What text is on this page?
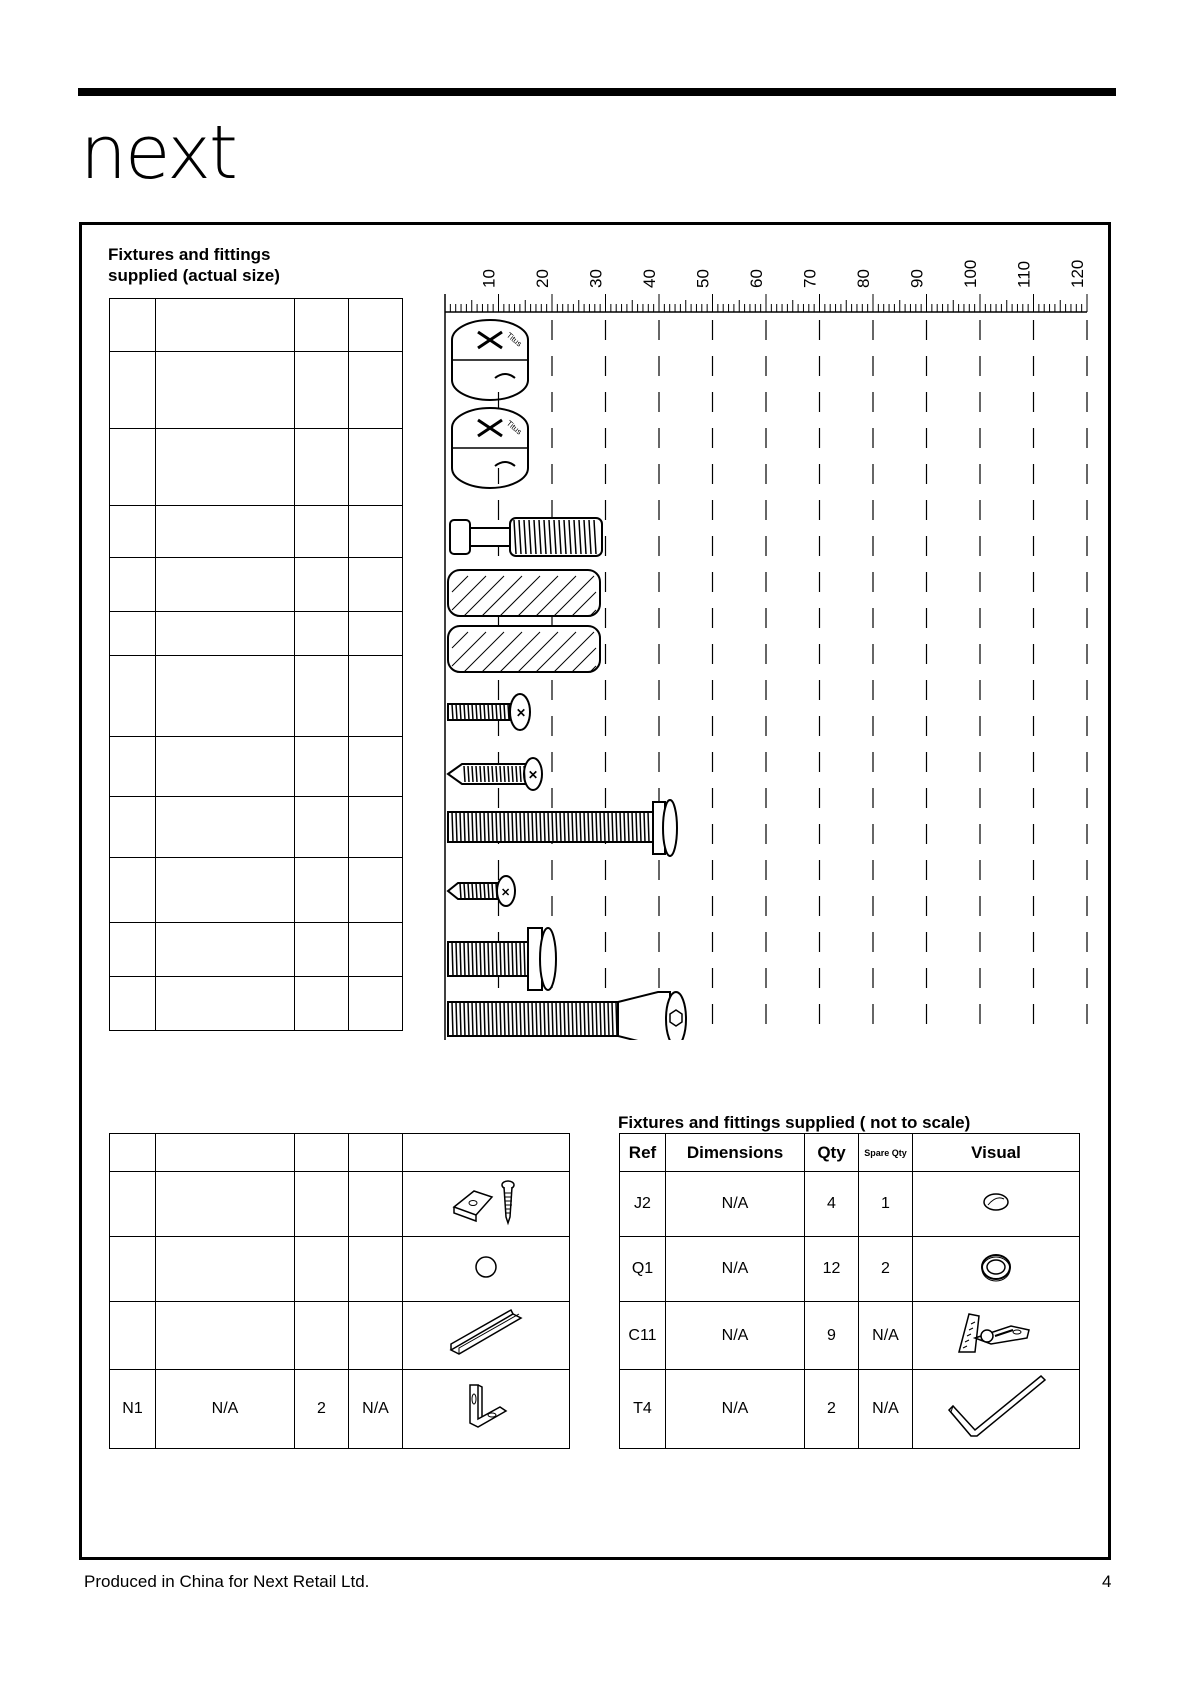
next
Fixtures and fittings
supplied (actual size)

				10 20 30 40 50 60 70 80 90 100 110 120
Titus
Titus
✕
✕
✕

N1	N/A	2	N/A	
Fixtures and fittings supplied ( not to scale)
Ref	Dimensions	Qty	Spare Qty	Visual
J2	N/A	4	1	
Q1	N/A	12	2	
C11	N/A	9	N/A	
T4	N/A	2	N/A	
Produced in China for Next Retail Ltd.	4
